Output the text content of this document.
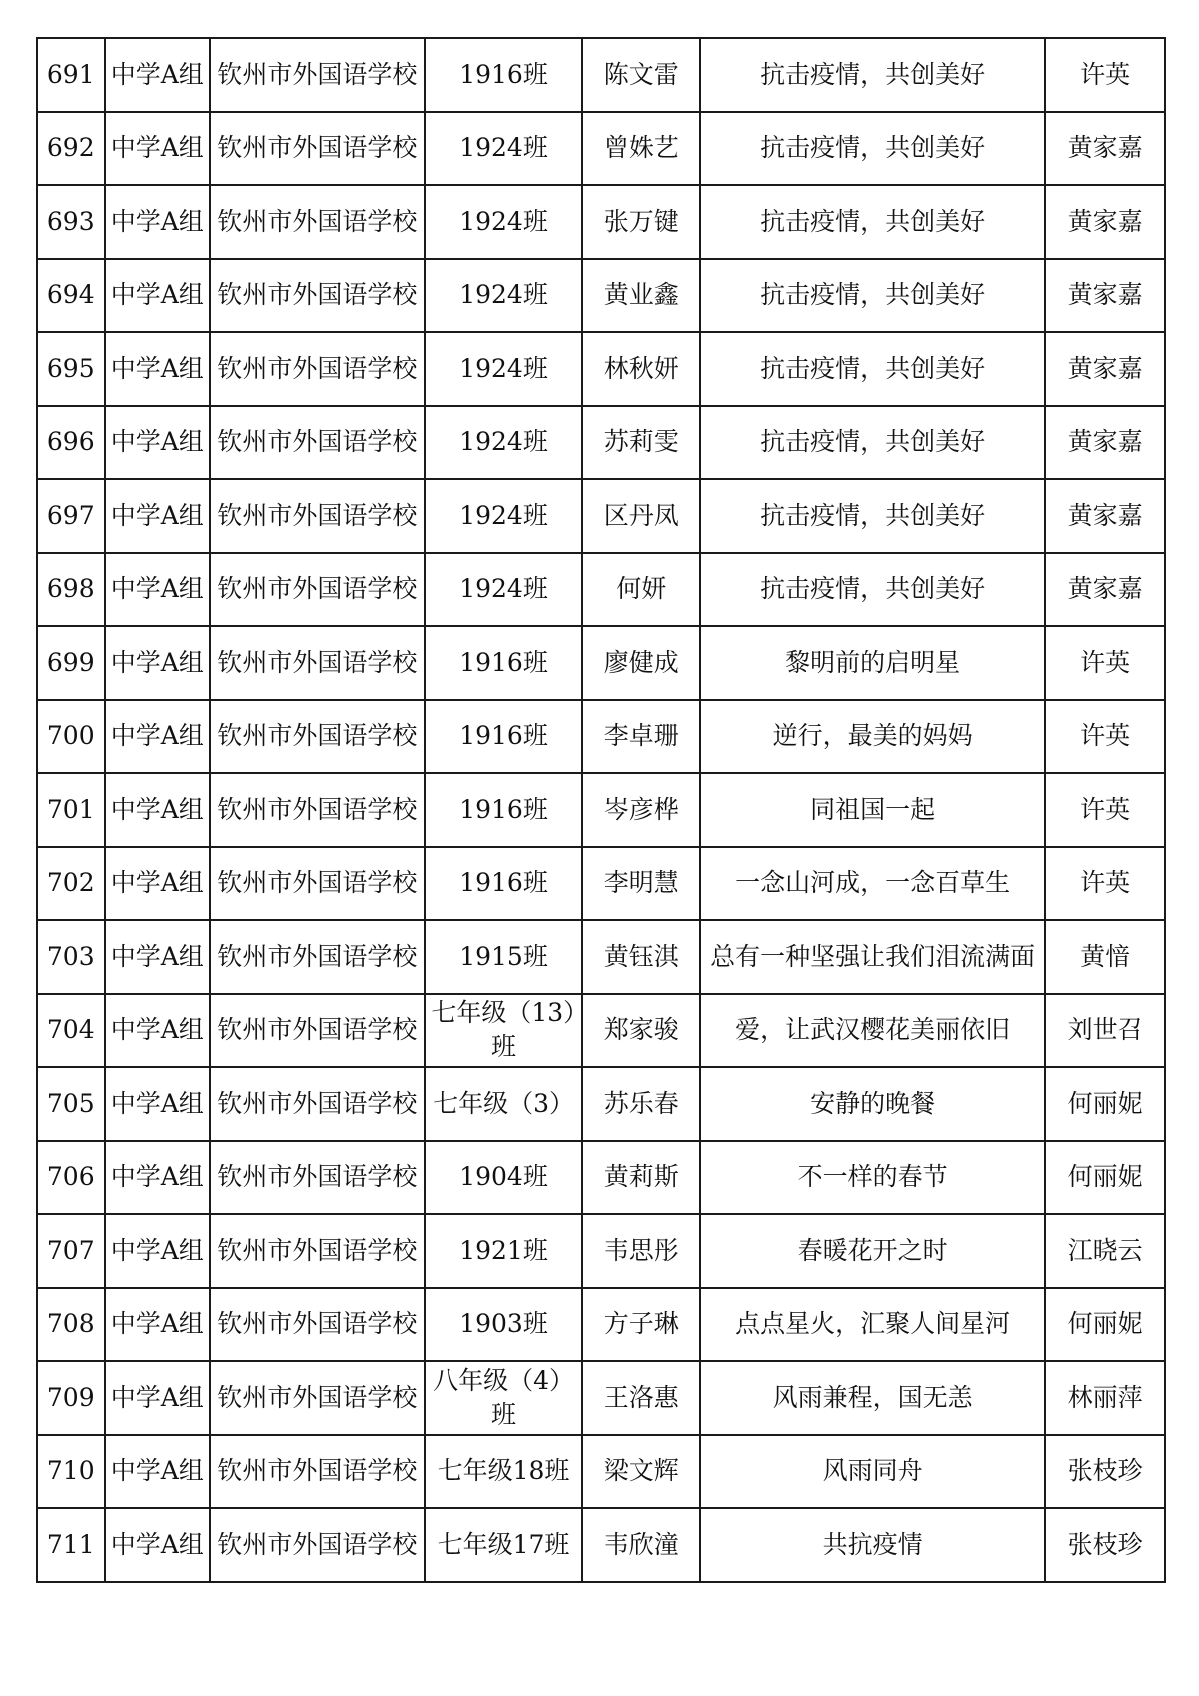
691	中学A组	钦州市外国语学校	1916班	陈文雷	抗击疫情，共创美好	许英
692	中学A组	钦州市外国语学校	1924班	曾姝艺	抗击疫情，共创美好	黄家嘉
693	中学A组	钦州市外国语学校	1924班	张万键	抗击疫情，共创美好	黄家嘉
694	中学A组	钦州市外国语学校	1924班	黄业鑫	抗击疫情，共创美好	黄家嘉
695	中学A组	钦州市外国语学校	1924班	林秋妍	抗击疫情，共创美好	黄家嘉
696	中学A组	钦州市外国语学校	1924班	苏莉雯	抗击疫情，共创美好	黄家嘉
697	中学A组	钦州市外国语学校	1924班	区丹凤	抗击疫情，共创美好	黄家嘉
698	中学A组	钦州市外国语学校	1924班	何妍	抗击疫情，共创美好	黄家嘉
699	中学A组	钦州市外国语学校	1916班	廖健成	黎明前的启明星	许英
700	中学A组	钦州市外国语学校	1916班	李卓珊	逆行，最美的妈妈	许英
701	中学A组	钦州市外国语学校	1916班	岑彦桦	同祖国一起	许英
702	中学A组	钦州市外国语学校	1916班	李明慧	一念山河成，一念百草生	许英
703	中学A组	钦州市外国语学校	1915班	黄钰淇	总有一种坚强让我们泪流满面	黄愔
704	中学A组	钦州市外国语学校	七年级（13）班	郑家骏	爱，让武汉樱花美丽依旧	刘世召
705	中学A组	钦州市外国语学校	七年级（3）	苏乐春	安静的晚餐	何丽妮
706	中学A组	钦州市外国语学校	1904班	黄莉斯	不一样的春节	何丽妮
707	中学A组	钦州市外国语学校	1921班	韦思彤	春暖花开之时	江晓云
708	中学A组	钦州市外国语学校	1903班	方子琳	点点星火，汇聚人间星河	何丽妮
709	中学A组	钦州市外国语学校	八年级（4）班	王洛惠	风雨兼程，国无恙	林丽萍
710	中学A组	钦州市外国语学校	七年级18班	梁文辉	风雨同舟	张枝珍
711	中学A组	钦州市外国语学校	七年级17班	韦欣潼	共抗疫情	张枝珍
